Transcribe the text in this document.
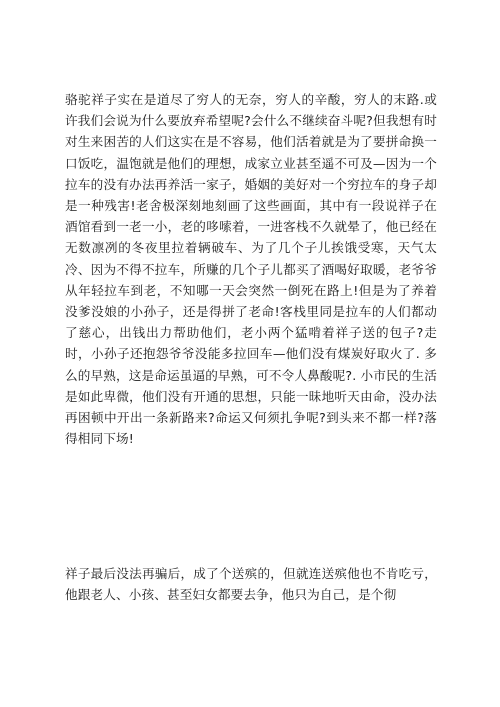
骆驼祥子实在是道尽了穷人的无奈，穷人的辛酸，穷人的末路.或许我们会说为什么要放弃希望呢?会什么不继续奋斗呢?但我想有时对生来困苦的人们这实在是不容易，他们活着就是为了要拼命换一口饭吃，温饱就是他们的理想，成家立业甚至遥不可及—因为一个拉车的没有办法再养活一家子，婚姻的美好对一个穷拉车的身子却是一种残害!老舍极深刻地刻画了这些画面，其中有一段说祥子在酒馆看到一老一小，老的哆嗦着，一进客栈不久就晕了，他已经在无数凛冽的冬夜里拉着辆破车、为了几个子儿挨饿受寒，天气太冷、因为不得不拉车，所赚的几个子儿都买了酒喝好取暖，老爷爷从年轻拉车到老，不知哪一天会突然一倒死在路上!但是为了养着没爹没娘的小孙子，还是得拼了老命!客栈里同是拉车的人们都动了慈心，出钱出力帮助他们，老小两个猛啃着祥子送的包子?走时，小孙子还抱怨爷爷没能多拉回车—他们没有煤炭好取火了. 多么的早熟，这是命运虽逼的早熟，可不令人鼻酸呢?. 小市民的生活是如此卑微，他们没有开通的思想，只能一昧地听天由命，没办法再困顿中开出一条新路来?命运又何须扎争呢?到头来不都一样?落得相同下场!

祥子最后没法再骗后，成了个送殡的，但就连送殡他也不肯吃亏，他跟老人、小孩、甚至妇女都要去争，他只为自己，是个彻
